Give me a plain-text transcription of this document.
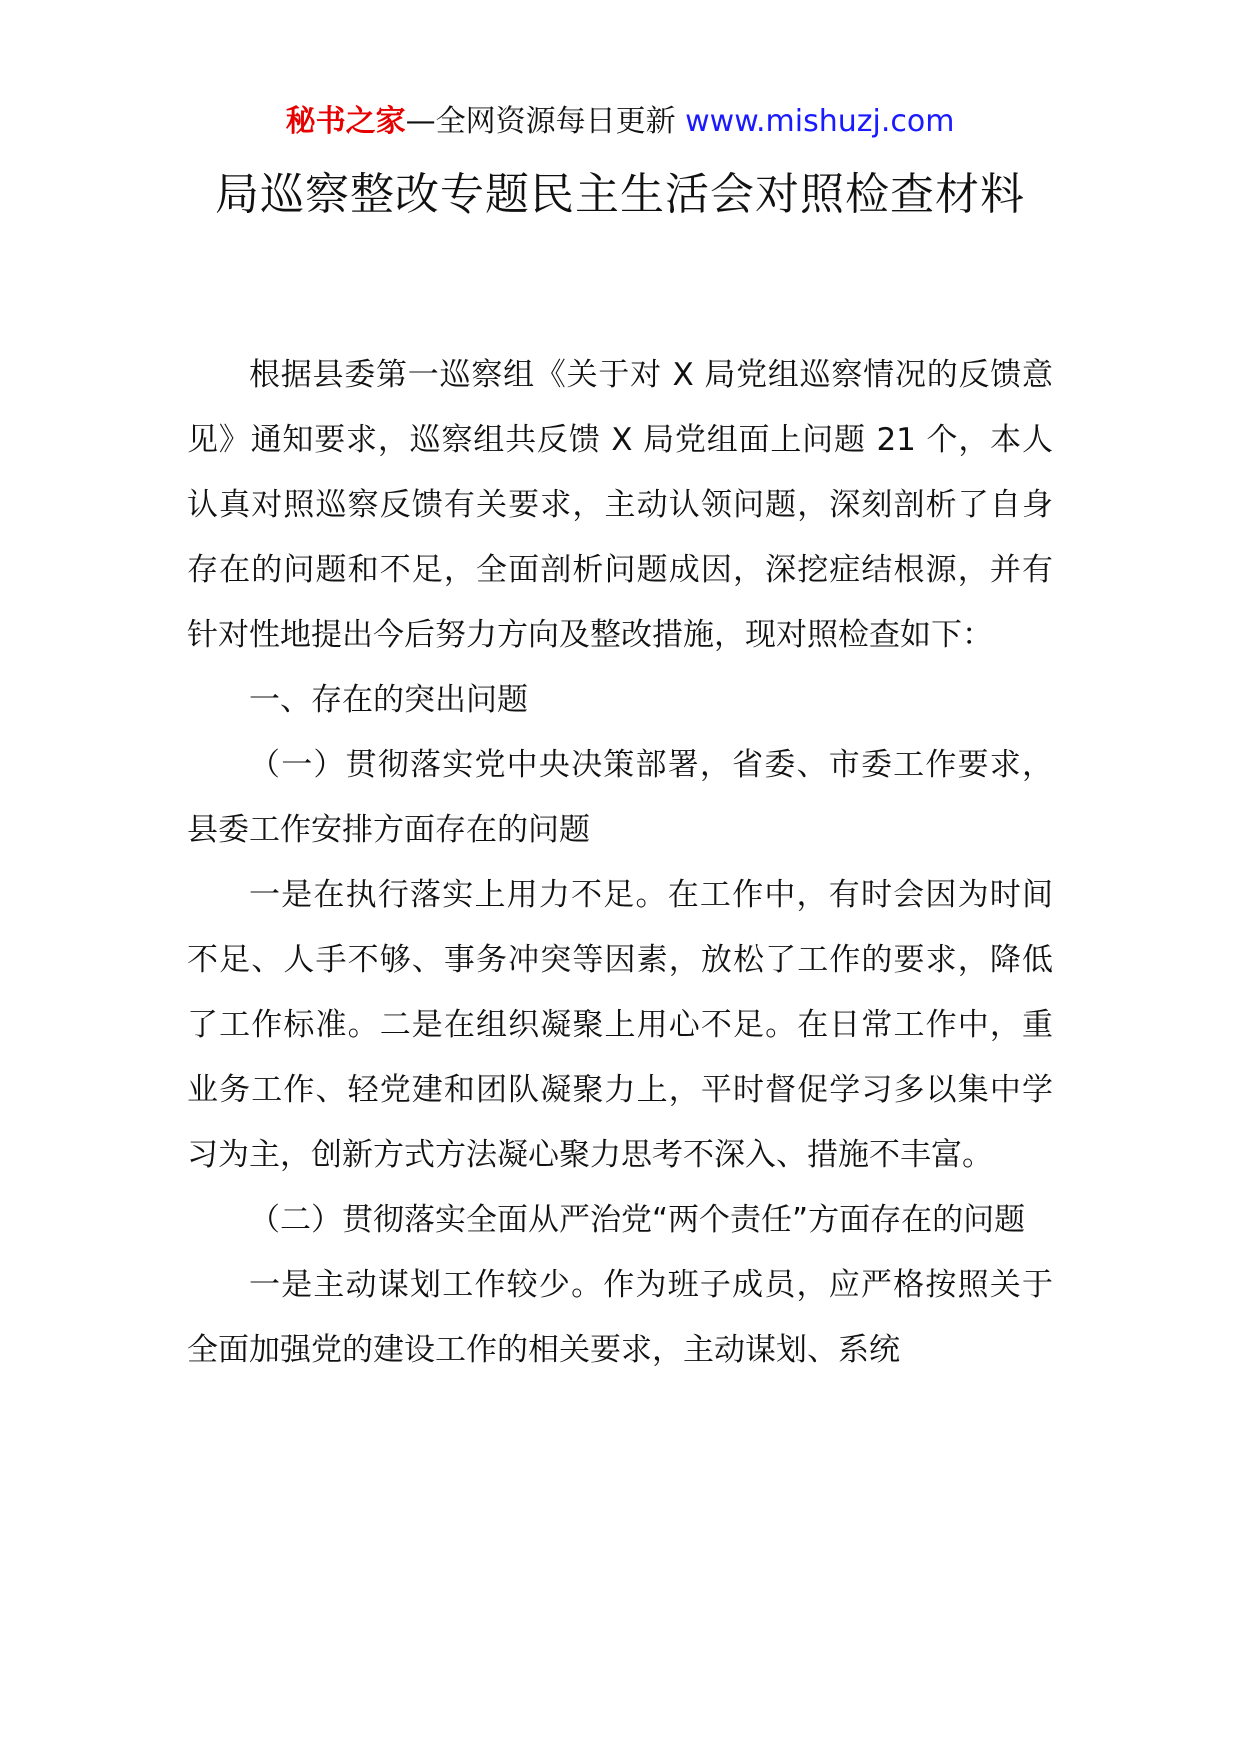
秘书之家—全网资源每日更新 www.mishuzj.com
局巡察整改专题民主生活会对照检查材料

根据县委第一巡察组《关于对 X 局党组巡察情况的反馈意见》通知要求，巡察组共反馈 X 局党组面上问题 21 个，本人认真对照巡察反馈有关要求，主动认领问题，深刻剖析了自身存在的问题和不足，全面剖析问题成因，深挖症结根源，并有针对性地提出今后努力方向及整改措施，现对照检查如下：

一、存在的突出问题

（一）贯彻落实党中央决策部署，省委、市委工作要求，县委工作安排方面存在的问题

一是在执行落实上用力不足。在工作中，有时会因为时间不足、人手不够、事务冲突等因素，放松了工作的要求，降低了工作标准。二是在组织凝聚上用心不足。在日常工作中，重业务工作、轻党建和团队凝聚力上，平时督促学习多以集中学习为主，创新方式方法凝心聚力思考不深入、措施不丰富。

（二）贯彻落实全面从严治党“两个责任”方面存在的问题

一是主动谋划工作较少。作为班子成员，应严格按照关于全面加强党的建设工作的相关要求，主动谋划、系统
